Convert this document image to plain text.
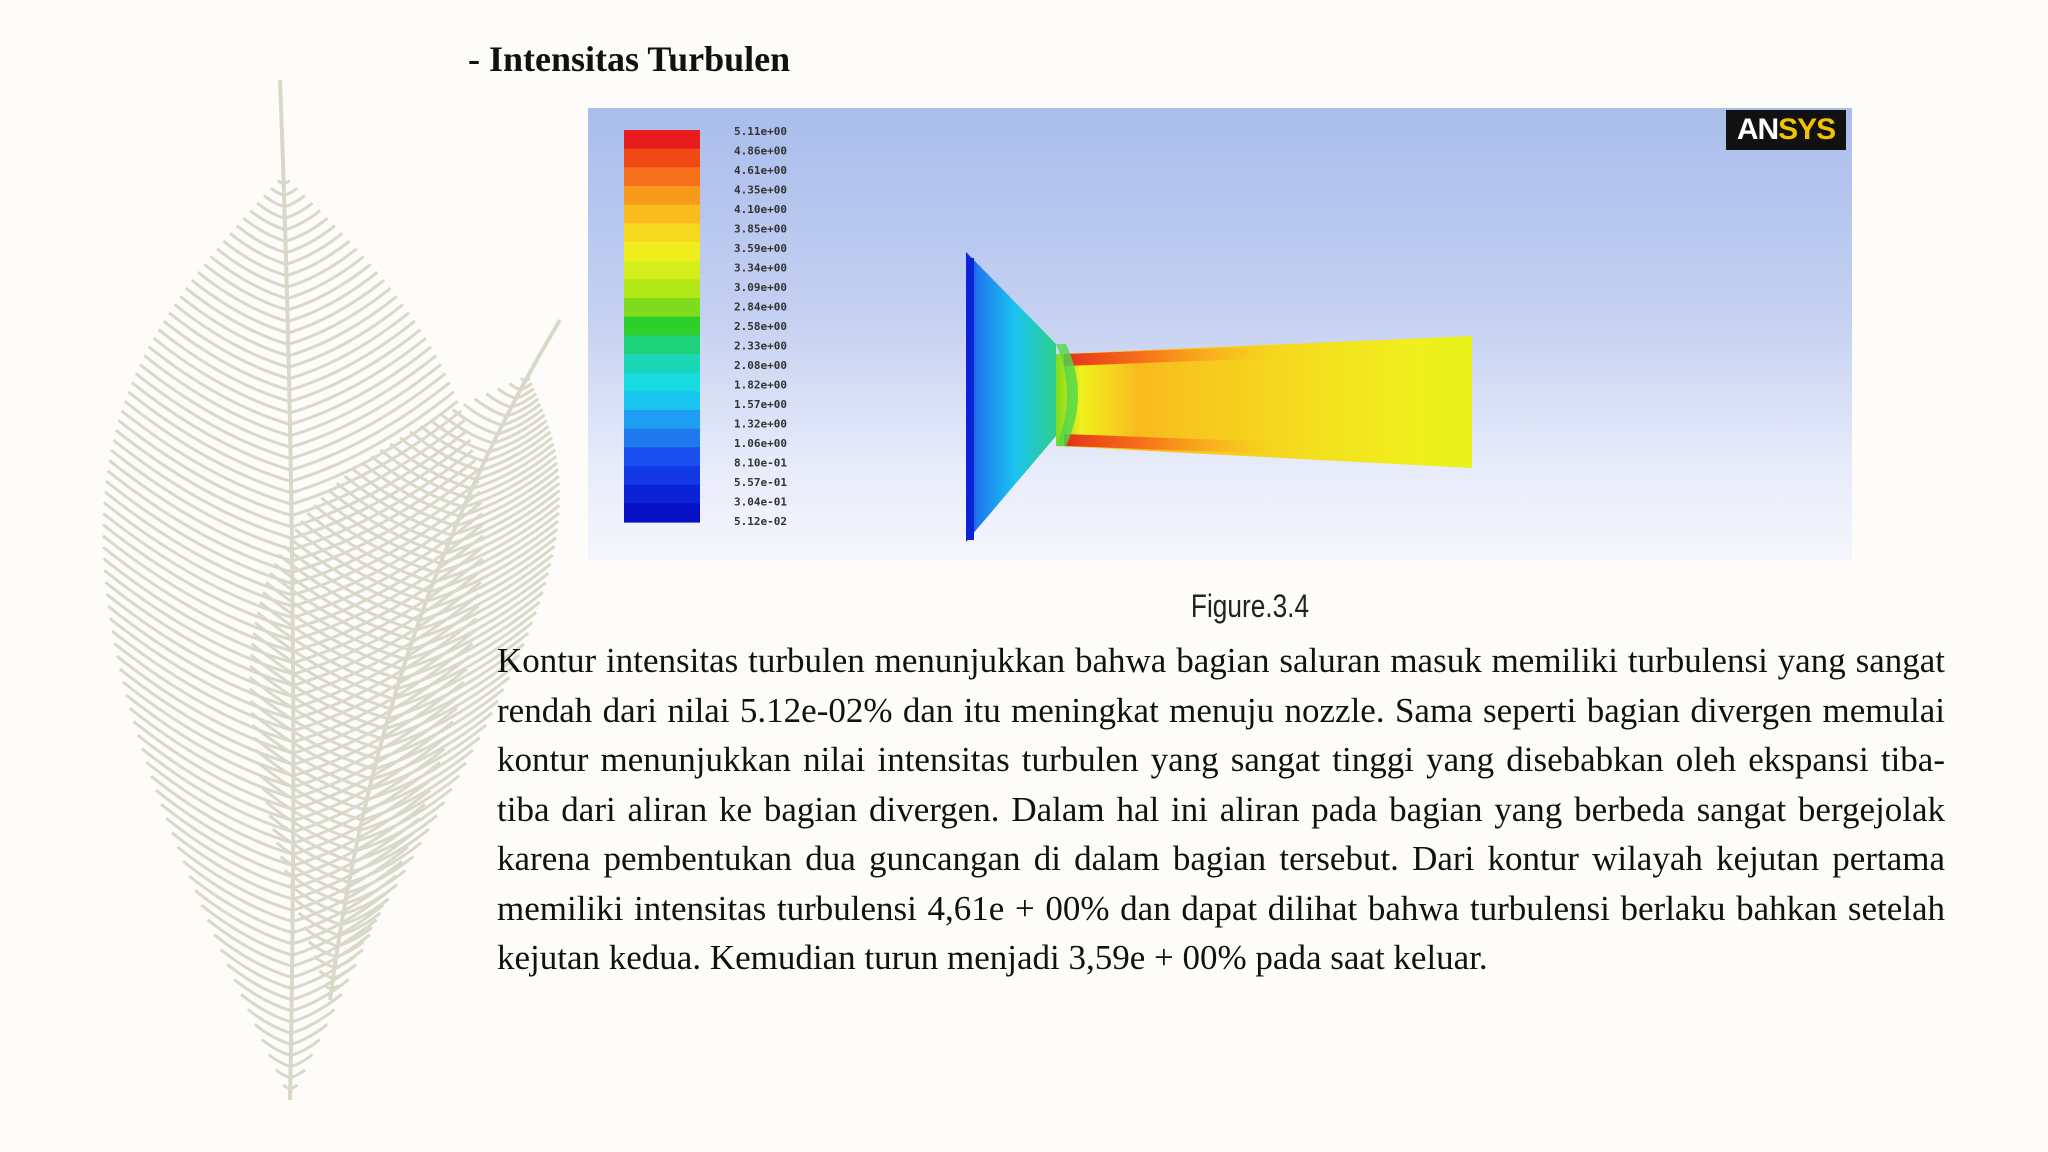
- Intensitas Turbulen
5.11e+00
4.86e+00
4.61e+00
4.35e+00
4.10e+00
3.85e+00
3.59e+00
3.34e+00
3.09e+00
2.84e+00
2.58e+00
2.33e+00
2.08e+00
1.82e+00
1.57e+00
1.32e+00
1.06e+00
8.10e-01
5.57e-01
3.04e-01
5.12e-02
ANSYS
Figure.3.4

Kontur intensitas turbulen menunjukkan bahwa bagian saluran masuk memiliki turbulensi yang sangat rendah dari nilai 5.12e-02% dan itu meningkat menuju nozzle. Sama seperti bagian divergen memulai kontur menunjukkan nilai intensitas turbulen yang sangat tinggi yang disebabkan oleh ekspansi tiba-tiba dari aliran ke bagian divergen. Dalam hal ini aliran pada bagian yang berbeda sangat bergejolak karena pembentukan dua guncangan di dalam bagian tersebut. Dari kontur wilayah kejutan pertama memiliki intensitas turbulensi 4,61e + 00% dan dapat dilihat bahwa turbulensi berlaku bahkan setelah kejutan kedua. Kemudian turun menjadi 3,59e + 00% pada saat keluar.
